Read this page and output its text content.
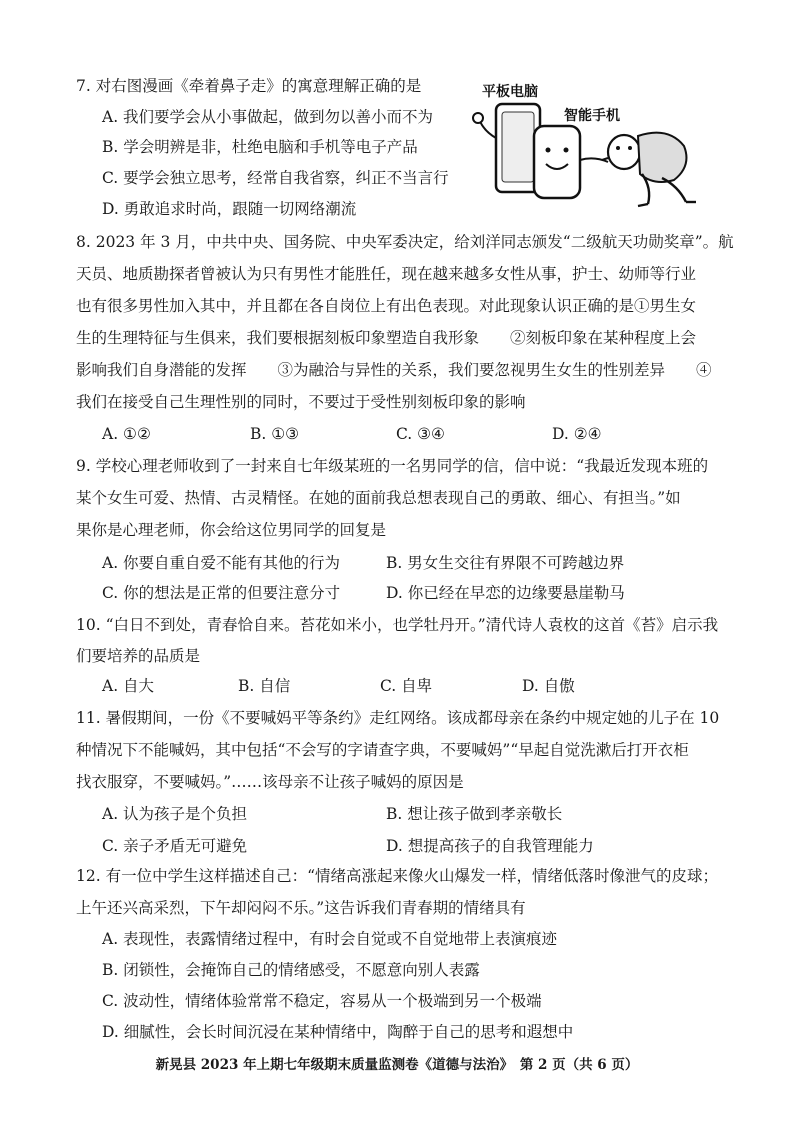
7. 对右图漫画《牵着鼻子走》的寓意理解正确的是
A. 我们要学会从小事做起，做到勿以善小而不为
B. 学会明辨是非，杜绝电脑和手机等电子产品
C. 要学会独立思考，经常自我省察，纠正不当言行
D. 勇敢追求时尚，跟随一切网络潮流
平板电脑
智能手机
8. 2023 年 3 月，中共中央、国务院、中央军委决定，给刘洋同志颁发“二级航天功勋奖章”。航
天员、地质勘探者曾被认为只有男性才能胜任，现在越来越多女性从事，护士、幼师等行业
也有很多男性加入其中，并且都在各自岗位上有出色表现。对此现象认识正确的是①男生女
生的生理特征与生俱来，我们要根据刻板印象塑造自我形象　　②刻板印象在某种程度上会
影响我们自身潜能的发挥　　③为融洽与异性的关系，我们要忽视男生女生的性别差异　　④
我们在接受自己生理性别的同时，不要过于受性别刻板印象的影响
A. ①②	B. ①③	C. ③④	D. ②④
9. 学校心理老师收到了一封来自七年级某班的一名男同学的信，信中说：“我最近发现本班的
某个女生可爱、热情、古灵精怪。在她的面前我总想表现自己的勇敢、细心、有担当。”如
果你是心理老师，你会给这位男同学的回复是
A. 你要自重自爱不能有其他的行为	B. 男女生交往有界限不可跨越边界
C. 你的想法是正常的但要注意分寸	D. 你已经在早恋的边缘要悬崖勒马
10. “白日不到处，青春恰自来。苔花如米小，也学牡丹开。”清代诗人袁枚的这首《苔》启示我
们要培养的品质是
A. 自大	B. 自信	C. 自卑	D. 自傲
11. 暑假期间，一份《不要喊妈平等条约》走红网络。该成都母亲在条约中规定她的儿子在 10
种情况下不能喊妈，其中包括“不会写的字请查字典，不要喊妈”“早起自觉洗漱后打开衣柜
找衣服穿，不要喊妈。”……该母亲不让孩子喊妈的原因是
A. 认为孩子是个负担	B. 想让孩子做到孝亲敬长
C. 亲子矛盾无可避免	D. 想提高孩子的自我管理能力
12. 有一位中学生这样描述自己：“情绪高涨起来像火山爆发一样，情绪低落时像泄气的皮球；
上午还兴高采烈，下午却闷闷不乐。”这告诉我们青春期的情绪具有
A. 表现性，表露情绪过程中，有时会自觉或不自觉地带上表演痕迹
B. 闭锁性，会掩饰自己的情绪感受，不愿意向别人表露
C. 波动性，情绪体验常常不稳定，容易从一个极端到另一个极端
D. 细腻性，会长时间沉浸在某种情绪中，陶醉于自己的思考和遐想中
新晃县 2023 年上期七年级期末质量监测卷《道德与法治》　第 2 页（共 6 页）
